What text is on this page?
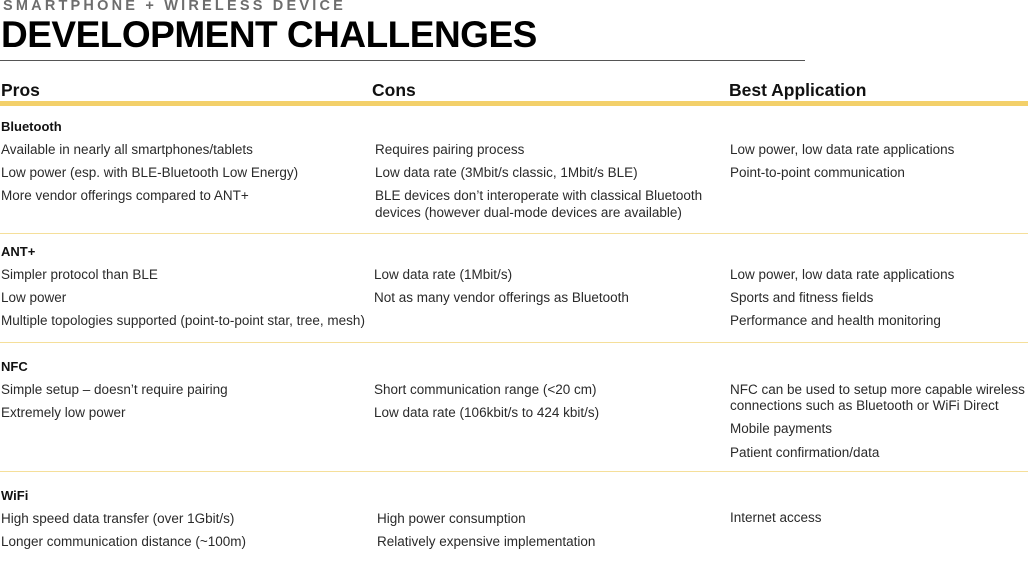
SMARTPHONE + WIRELESS DEVICE
DEVELOPMENT CHALLENGES
Pros	Cons	Best Application
Bluetooth
Available in nearly all smartphones/tablets
Low power (esp. with BLE-Bluetooth Low Energy)
More vendor offerings compared to ANT+
Requires pairing process
Low data rate (3Mbit/s classic, 1Mbit/s BLE)
BLE devices don’t interoperate with classical Bluetooth
devices (however dual-mode devices are available)
Low power, low data rate applications
Point-to-point communication
ANT+
Simpler protocol than BLE
Low power
Multiple topologies supported (point-to-point star, tree, mesh)
Low data rate (1Mbit/s)
Not as many vendor offerings as Bluetooth
Low power, low data rate applications
Sports and fitness fields
Performance and health monitoring
NFC
Simple setup – doesn’t require pairing
Extremely low power
Short communication range (<20 cm)
Low data rate (106kbit/s to 424 kbit/s)
NFC can be used to setup more capable wireless
connections such as Bluetooth or WiFi Direct
Mobile payments
Patient confirmation/data
WiFi
High speed data transfer (over 1Gbit/s)
Longer communication distance (~100m)
High power consumption
Relatively expensive implementation
Internet access
